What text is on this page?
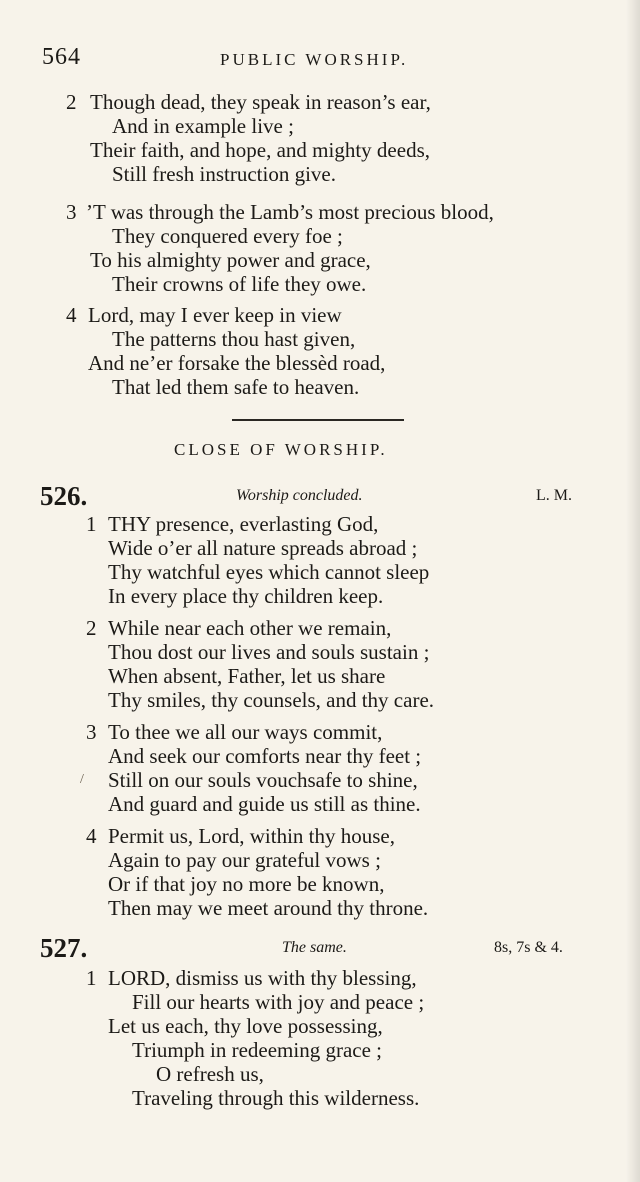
564	PUBLIC WORSHIP.
2 Though dead, they speak in reason’s ear,
And in example live ;
Their faith, and hope, and mighty deeds,
Still fresh instruction give.
3 ’T was through the Lamb’s most precious blood,
They conquered every foe ;
To his almighty power and grace,
Their crowns of life they owe.
4 Lord, may I ever keep in view
The patterns thou hast given,
And ne’er forsake the blessèd road,
That led them safe to heaven.
CLOSE OF WORSHIP.
526.	Worship concluded.	L. M.
1 THY presence, everlasting God,
Wide o’er all nature spreads abroad ;
Thy watchful eyes which cannot sleep
In every place thy children keep.
2 While near each other we remain,
Thou dost our lives and souls sustain ;
When absent, Father, let us share
Thy smiles, thy counsels, and thy care.
3 To thee we all our ways commit,
And seek our comforts near thy feet ;
Still on our souls vouchsafe to shine,
And guard and guide us still as thine.
/
4 Permit us, Lord, within thy house,
Again to pay our grateful vows ;
Or if that joy no more be known,
Then may we meet around thy throne.
527.	The same.	8s, 7s & 4.
1 LORD, dismiss us with thy blessing,
Fill our hearts with joy and peace ;
Let us each, thy love possessing,
Triumph in redeeming grace ;
O refresh us,
Traveling through this wilderness.
